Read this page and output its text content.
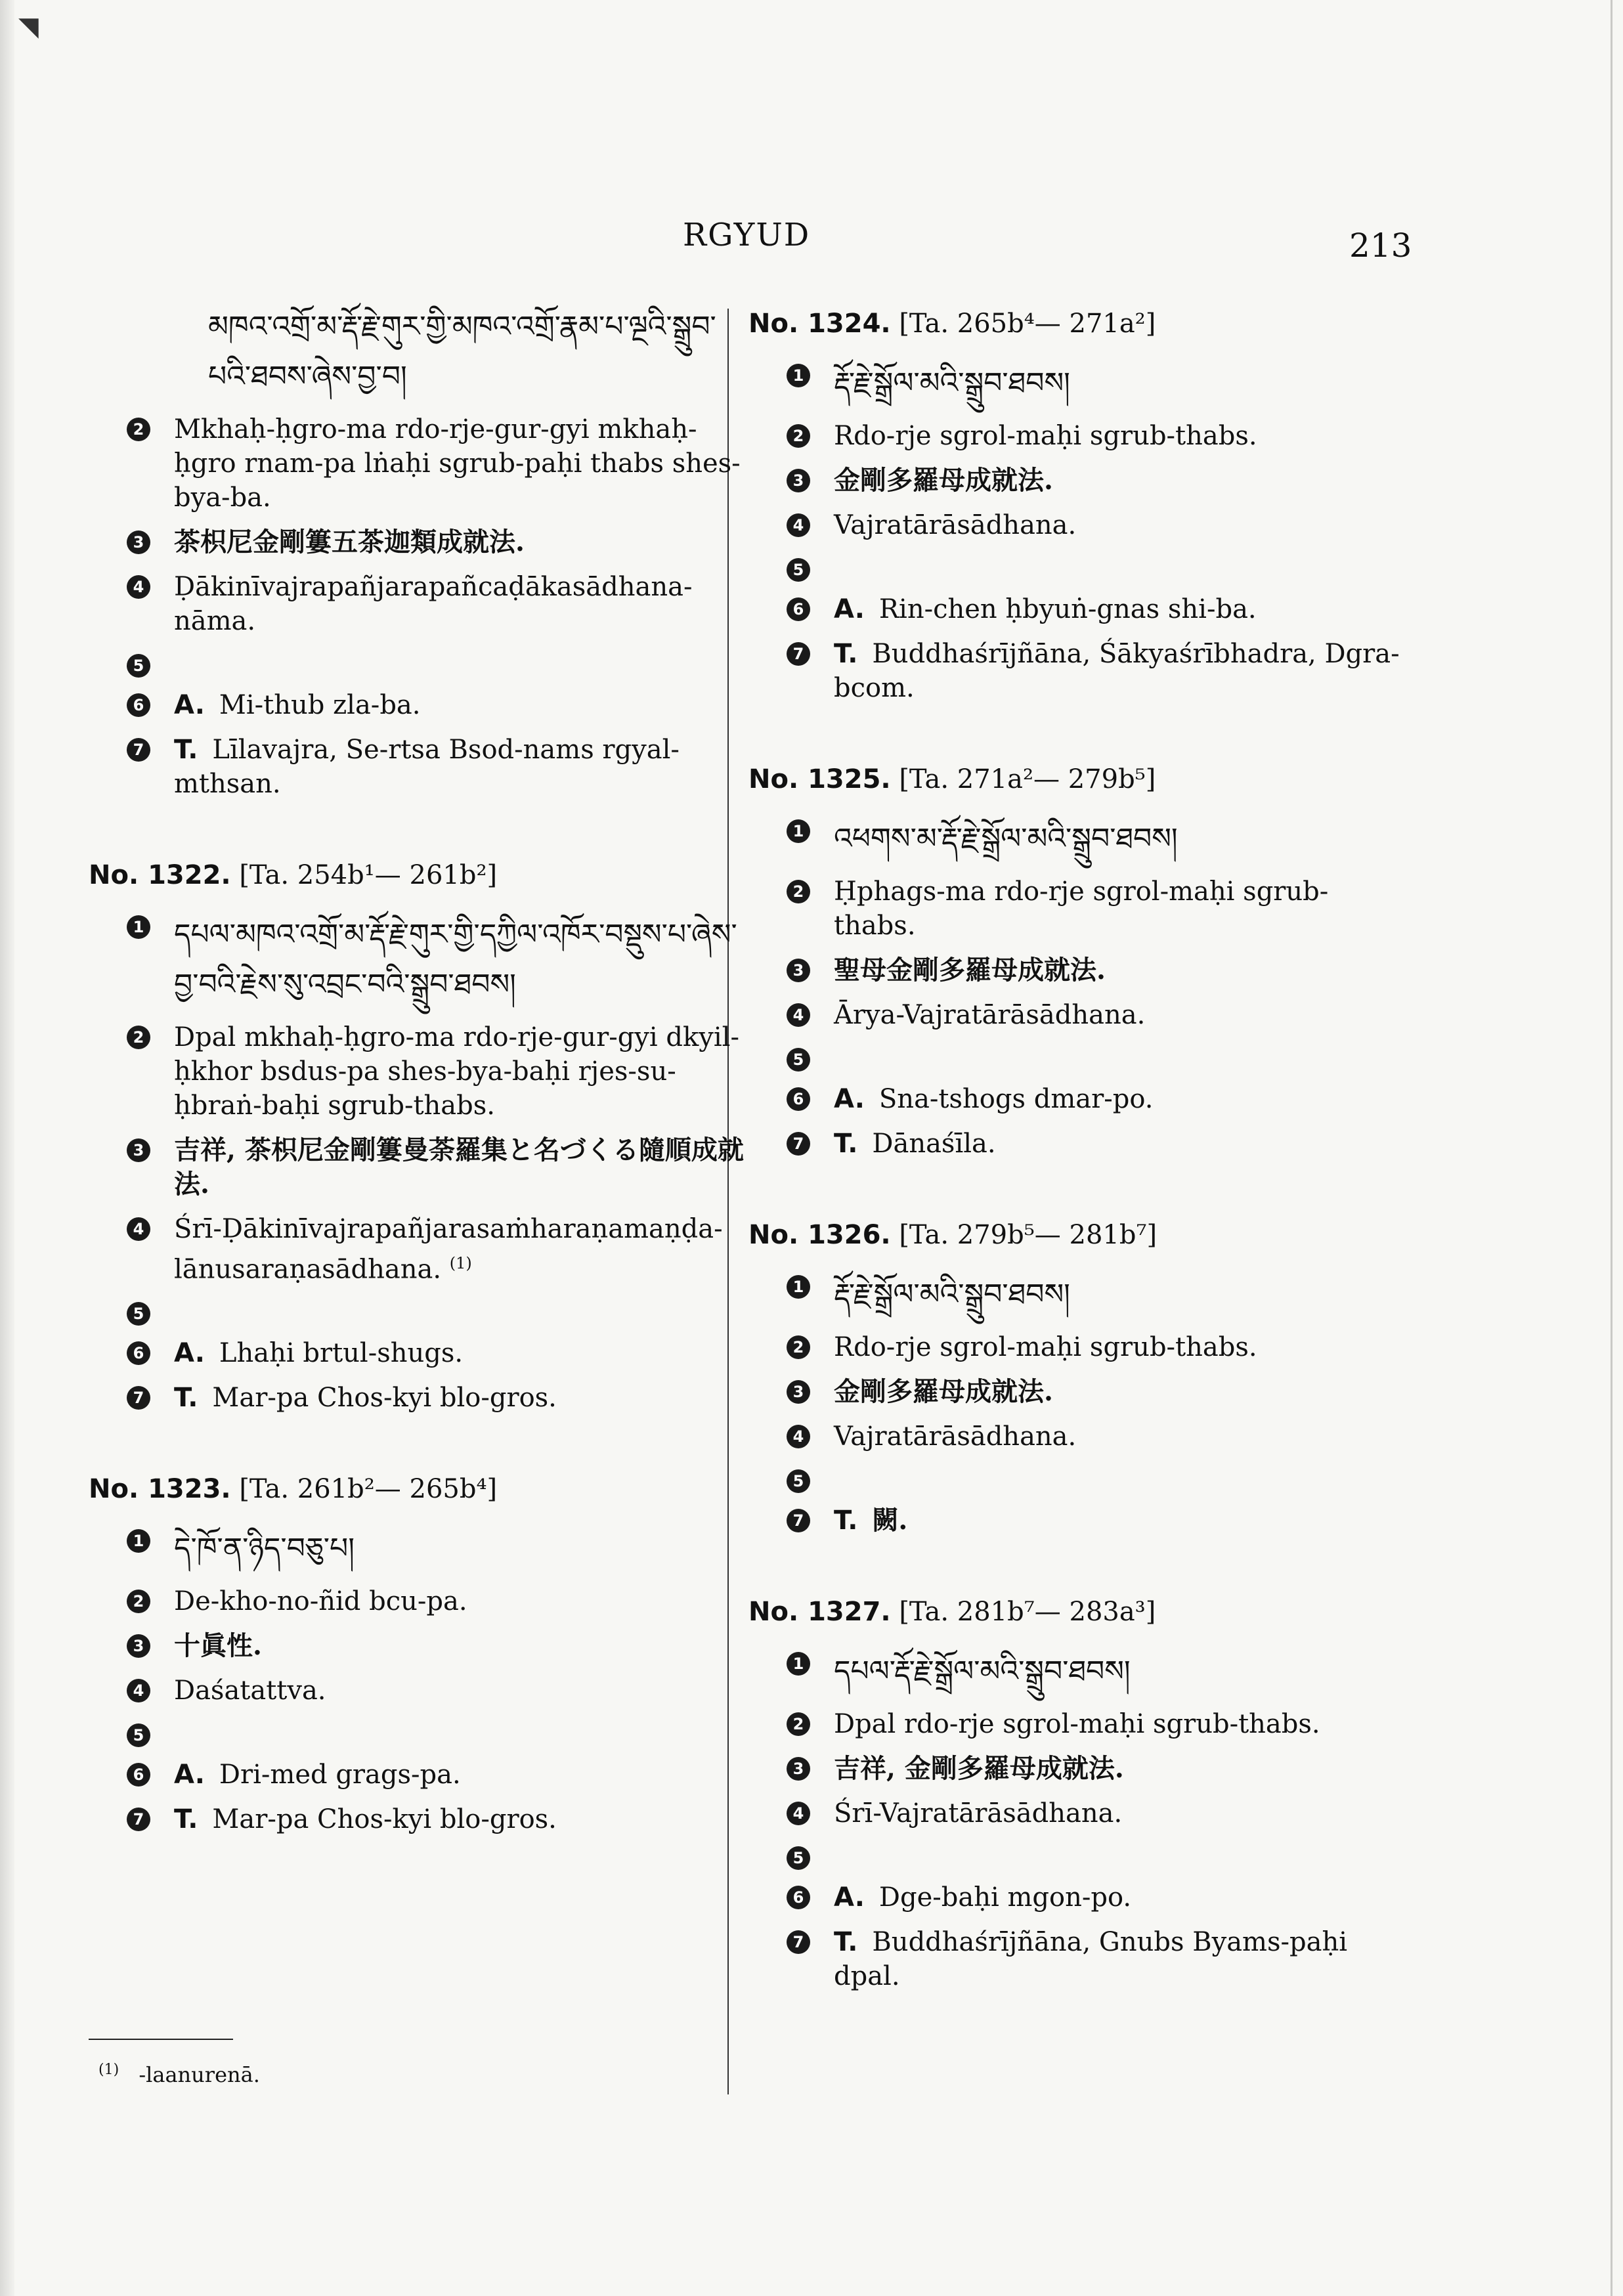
◥
RGYUD	213
མཁའ་འགྲོ་མ་རྡོ་རྗེ་གུར་གྱི་མཁའ་འགྲོ་རྣམ་པ་ལྔའི་སྒྲུབ་པའི་ཐབས་ཞེས་བྱ་བ།
2 Mkhaḥ-ḥgro-ma rdo-rje-gur-gyi mkhaḥ-ḥgro rnam-pa lṅaḥi sgrub-paḥi thabs shes-bya-ba.
3 茶枳尼金剛簍五茶迦類成就法.
4 Ḍākinīvajrapañjarapañcaḍākasādhana-nāma.
5
6 A. Mi-thub zla-ba.
7 T. Līlavajra, Se-rtsa Bsod-nams rgyal-mthsan.
No. 1322. [Ta. 254b¹— 261b²]
1 དཔལ་མཁའ་འགྲོ་མ་རྡོ་རྗེ་གུར་གྱི་དཀྱིལ་འཁོར་བསྡུས་པ་ཞེས་བྱ་བའི་རྗེས་སུ་འབྲང་བའི་སྒྲུབ་ཐབས།
2 Dpal mkhaḥ-ḥgro-ma rdo-rje-gur-gyi dkyil-ḥkhor bsdus-pa shes-bya-baḥi rjes-su-ḥbraṅ-baḥi sgrub-thabs.
3 吉祥, 茶枳尼金剛簍曼荼羅集と名づくる隨順成就法.
4 Śrī-Ḍākinīvajrapañjarasaṁharaṇamaṇḍa-lānusaraṇasādhana. $^{(1)}$
5
6 A. Lhaḥi brtul-shugs.
7 T. Mar-pa Chos-kyi blo-gros.
No. 1323. [Ta. 261b²— 265b⁴]
1 དེ་ཁོ་ན་ཉིད་བཅུ་པ།
2 De-kho-no-ñid bcu-pa.
3 十眞性.
4 Daśatattva.
5
6 A. Dri-med grags-pa.
7 T. Mar-pa Chos-kyi blo-gros.
$^{(1)}$ -laanurenā.
No. 1324. [Ta. 265b⁴— 271a²]
1 རྡོ་རྗེ་སྒྲོལ་མའི་སྒྲུབ་ཐབས།
2 Rdo-rje sgrol-maḥi sgrub-thabs.
3 金剛多羅母成就法.
4 Vajratārāsādhana.
5
6 A. Rin-chen ḥbyuṅ-gnas shi-ba.
7 T. Buddhaśrījñāna, Śākyaśrībhadra, Dgra-bcom.
No. 1325. [Ta. 271a²— 279b⁵]
1 འཕགས་མ་རྡོ་རྗེ་སྒྲོལ་མའི་སྒྲུབ་ཐབས།
2 Ḥphags-ma rdo-rje sgrol-maḥi sgrub-thabs.
3 聖母金剛多羅母成就法.
4 Ārya-Vajratārāsādhana.
5
6 A. Sna-tshogs dmar-po.
7 T. Dānaśīla.
No. 1326. [Ta. 279b⁵— 281b⁷]
1 རྡོ་རྗེ་སྒྲོལ་མའི་སྒྲུབ་ཐབས།
2 Rdo-rje sgrol-maḥi sgrub-thabs.
3 金剛多羅母成就法.
4 Vajratārāsādhana.
5
7 T. 闕.
No. 1327. [Ta. 281b⁷— 283a³]
1 དཔལ་རྡོ་རྗེ་སྒྲོལ་མའི་སྒྲུབ་ཐབས།
2 Dpal rdo-rje sgrol-maḥi sgrub-thabs.
3 吉祥, 金剛多羅母成就法.
4 Śrī-Vajratārāsādhana.
5
6 A. Dge-baḥi mgon-po.
7 T. Buddhaśrījñāna, Gnubs Byams-paḥi dpal.
